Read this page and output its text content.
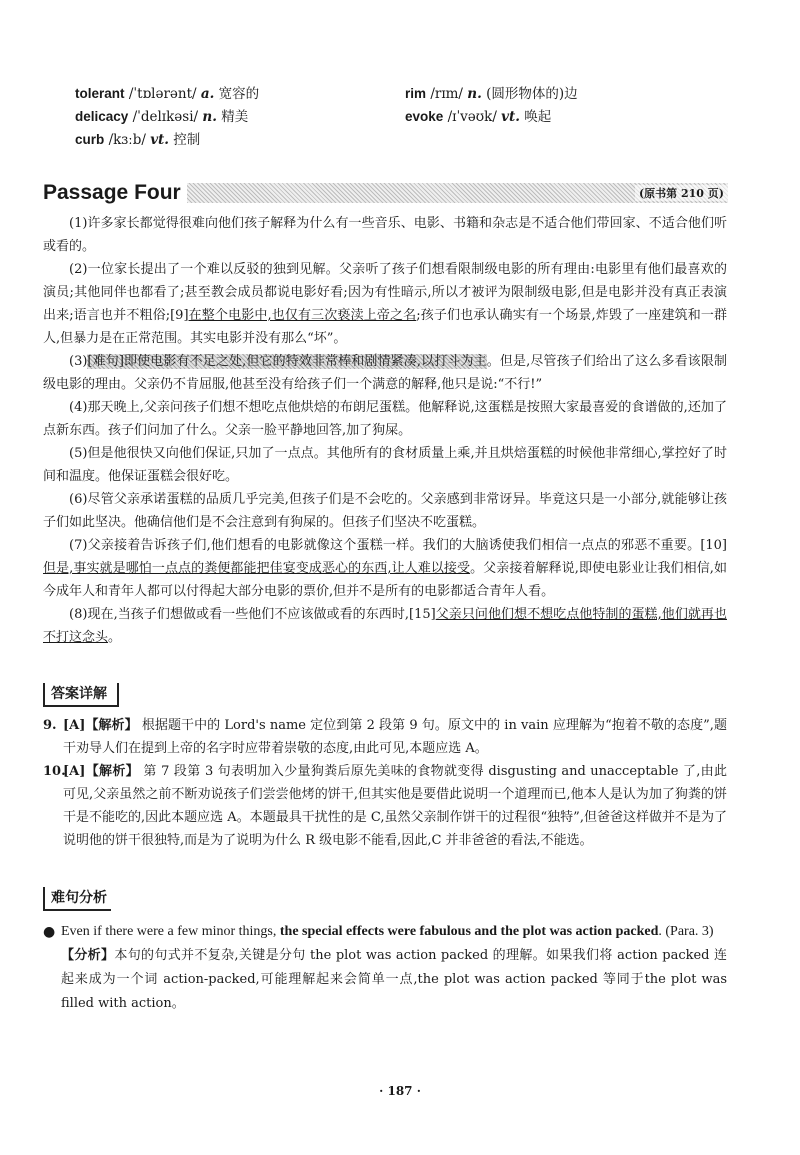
tolerant /ˈtɒlərənt/ a. 宽容的	rim /rɪm/ n. (圆形物体的)边
delicacy /ˈdelɪkəsi/ n. 精美	evoke /ɪˈvəʊk/ vt. 唤起
curb /kɜːb/ vt. 控制
Passage Four	(原书第 210 页)

(1)许多家长都觉得很难向他们孩子解释为什么有一些音乐、电影、书籍和杂志是不适合他们带回家、不适合他们听或看的。

(2)一位家长提出了一个难以反驳的独到见解。父亲听了孩子们想看限制级电影的所有理由:电影里有他们最喜欢的演员;其他同伴也都看了;甚至教会成员都说电影好看;因为有性暗示,所以才被评为限制级电影,但是电影并没有真正表演出来;语言也并不粗俗;[9]在整个电影中,也仅有三次亵渎上帝之名;孩子们也承认确实有一个场景,炸毁了一座建筑和一群人,但暴力是在正常范围。其实电影并没有那么“坏”。

(3)[难句]即使电影有不足之处,但它的特效非常棒和剧情紧凑,以打斗为主。但是,尽管孩子们给出了这么多看该限制级电影的理由。父亲仍不肯屈服,他甚至没有给孩子们一个满意的解释,他只是说:“不行!”

(4)那天晚上,父亲问孩子们想不想吃点他烘焙的布朗尼蛋糕。他解释说,这蛋糕是按照大家最喜爱的食谱做的,还加了点新东西。孩子们问加了什么。父亲一脸平静地回答,加了狗屎。

(5)但是他很快又向他们保证,只加了一点点。其他所有的食材质量上乘,并且烘焙蛋糕的时候他非常细心,掌控好了时间和温度。他保证蛋糕会很好吃。

(6)尽管父亲承诺蛋糕的品质几乎完美,但孩子们是不会吃的。父亲感到非常讶异。毕竟这只是一小部分,就能够让孩子们如此坚决。他确信他们是不会注意到有狗屎的。但孩子们坚决不吃蛋糕。

(7)父亲接着告诉孩子们,他们想看的电影就像这个蛋糕一样。我们的大脑诱使我们相信一点点的邪恶不重要。[10]但是,事实就是哪怕一点点的粪便都能把佳宴变成恶心的东西,让人难以接受。父亲接着解释说,即使电影业让我们相信,如今成年人和青年人都可以付得起大部分电影的票价,但并不是所有的电影都适合青年人看。

(8)现在,当孩子们想做或看一些他们不应该做或看的东西时,[15]父亲只问他们想不想吃点他特制的蛋糕,他们就再也不打这念头。

答案详解
9. [A]【解析】 根据题干中的 Lord's name 定位到第 2 段第 9 句。原文中的 in vain 应理解为“抱着不敬的态度”,题干劝导人们在提到上帝的名字时应带着崇敬的态度,由此可见,本题应选 A。
10.
[A]【解析】 第 7 段第 3 句表明加入少量狗粪后原先美味的食物就变得 disgusting and unacceptable 了,由此可见,父亲虽然之前不断劝说孩子们尝尝他烤的饼干,但其实他是要借此说明一个道理而已,他本人是认为加了狗粪的饼干是不能吃的,因此本题应选 A。本题最具干扰性的是 C,虽然父亲制作饼干的过程很“独特”,但爸爸这样做并不是为了说明他的饼干很独特,而是为了说明为什么 R 级电影不能看,因此,C 并非爸爸的看法,不能选。
难句分析
● Even if there were a few minor things, the special effects were fabulous and the plot was action packed. (Para. 3)
【分析】本句的句式并不复杂,关键是分句 the plot was action packed 的理解。如果我们将 action packed 连起来成为一个词 action-packed,可能理解起来会简单一点,the plot was action packed 等同于the plot was filled with action。
· 187 ·
